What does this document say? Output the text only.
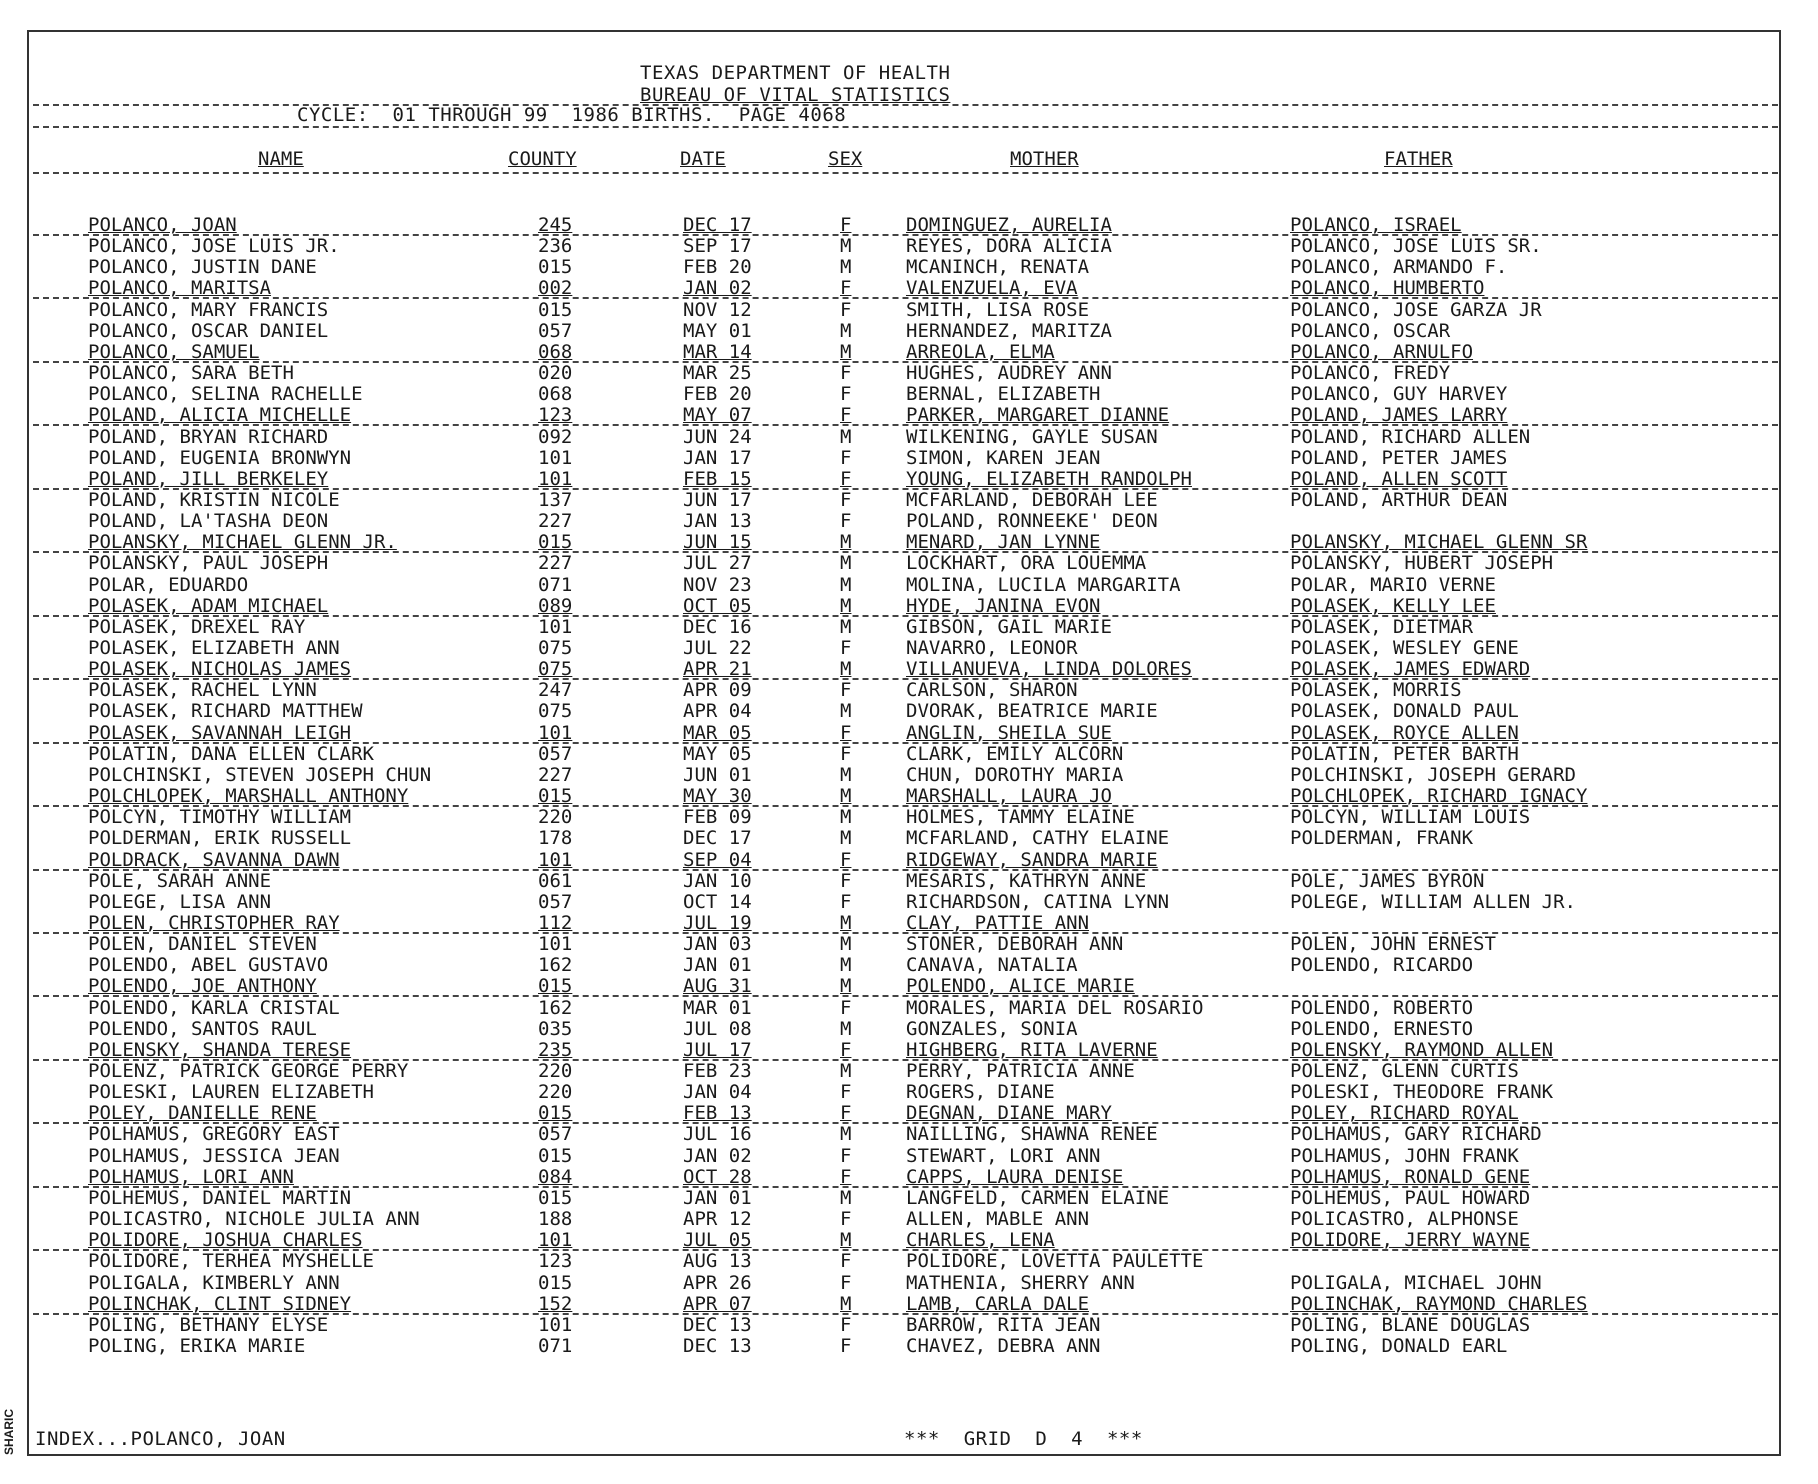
SHARIC
TEXAS DEPARTMENT OF HEALTH
BUREAU OF VITAL STATISTICS
CYCLE:  01 THROUGH 99  1986 BIRTHS.  PAGE 4068
NAME	COUNTY	DATE	SEX	MOTHER	FATHER
POLANCO, JOAN	245	DEC 17	F	DOMINGUEZ, AURELIA	POLANCO, ISRAEL
POLANCO, JOSE LUIS JR.	236	SEP 17	M	REYES, DORA ALICIA	POLANCO, JOSE LUIS SR.
POLANCO, JUSTIN DANE	015	FEB 20	M	MCANINCH, RENATA	POLANCO, ARMANDO F.
POLANCO, MARITSA	002	JAN 02	F	VALENZUELA, EVA	POLANCO, HUMBERTO
POLANCO, MARY FRANCIS	015	NOV 12	F	SMITH, LISA ROSE	POLANCO, JOSE GARZA JR
POLANCO, OSCAR DANIEL	057	MAY 01	M	HERNANDEZ, MARITZA	POLANCO, OSCAR
POLANCO, SAMUEL	068	MAR 14	M	ARREOLA, ELMA	POLANCO, ARNULFO
POLANCO, SARA BETH	020	MAR 25	F	HUGHES, AUDREY ANN	POLANCO, FREDY
POLANCO, SELINA RACHELLE	068	FEB 20	F	BERNAL, ELIZABETH	POLANCO, GUY HARVEY
POLAND, ALICIA MICHELLE	123	MAY 07	F	PARKER, MARGARET DIANNE	POLAND, JAMES LARRY
POLAND, BRYAN RICHARD	092	JUN 24	M	WILKENING, GAYLE SUSAN	POLAND, RICHARD ALLEN
POLAND, EUGENIA BRONWYN	101	JAN 17	F	SIMON, KAREN JEAN	POLAND, PETER JAMES
POLAND, JILL BERKELEY	101	FEB 15	F	YOUNG, ELIZABETH RANDOLPH	POLAND, ALLEN SCOTT
POLAND, KRISTIN NICOLE	137	JUN 17	F	MCFARLAND, DEBORAH LEE	POLAND, ARTHUR DEAN
POLAND, LA'TASHA DEON	227	JAN 13	F	POLAND, RONNEEKE' DEON
POLANSKY, MICHAEL GLENN JR.	015	JUN 15	M	MENARD, JAN LYNNE	POLANSKY, MICHAEL GLENN SR
POLANSKY, PAUL JOSEPH	227	JUL 27	M	LOCKHART, ORA LOUEMMA	POLANSKY, HUBERT JOSEPH
POLAR, EDUARDO	071	NOV 23	M	MOLINA, LUCILA MARGARITA	POLAR, MARIO VERNE
POLASEK, ADAM MICHAEL	089	OCT 05	M	HYDE, JANINA EVON	POLASEK, KELLY LEE
POLASEK, DREXEL RAY	101	DEC 16	M	GIBSON, GAIL MARIE	POLASEK, DIETMAR
POLASEK, ELIZABETH ANN	075	JUL 22	F	NAVARRO, LEONOR	POLASEK, WESLEY GENE
POLASEK, NICHOLAS JAMES	075	APR 21	M	VILLANUEVA, LINDA DOLORES	POLASEK, JAMES EDWARD
POLASEK, RACHEL LYNN	247	APR 09	F	CARLSON, SHARON	POLASEK, MORRIS
POLASEK, RICHARD MATTHEW	075	APR 04	M	DVORAK, BEATRICE MARIE	POLASEK, DONALD PAUL
POLASEK, SAVANNAH LEIGH	101	MAR 05	F	ANGLIN, SHEILA SUE	POLASEK, ROYCE ALLEN
POLATIN, DANA ELLEN CLARK	057	MAY 05	F	CLARK, EMILY ALCORN	POLATIN, PETER BARTH
POLCHINSKI, STEVEN JOSEPH CHUN	227	JUN 01	M	CHUN, DOROTHY MARIA	POLCHINSKI, JOSEPH GERARD
POLCHLOPEK, MARSHALL ANTHONY	015	MAY 30	M	MARSHALL, LAURA JO	POLCHLOPEK, RICHARD IGNACY
POLCYN, TIMOTHY WILLIAM	220	FEB 09	M	HOLMES, TAMMY ELAINE	POLCYN, WILLIAM LOUIS
POLDERMAN, ERIK RUSSELL	178	DEC 17	M	MCFARLAND, CATHY ELAINE	POLDERMAN, FRANK
POLDRACK, SAVANNA DAWN	101	SEP 04	F	RIDGEWAY, SANDRA MARIE
POLE, SARAH ANNE	061	JAN 10	F	MESARIS, KATHRYN ANNE	POLE, JAMES BYRON
POLEGE, LISA ANN	057	OCT 14	F	RICHARDSON, CATINA LYNN	POLEGE, WILLIAM ALLEN JR.
POLEN, CHRISTOPHER RAY	112	JUL 19	M	CLAY, PATTIE ANN
POLEN, DANIEL STEVEN	101	JAN 03	M	STONER, DEBORAH ANN	POLEN, JOHN ERNEST
POLENDO, ABEL GUSTAVO	162	JAN 01	M	CANAVA, NATALIA	POLENDO, RICARDO
POLENDO, JOE ANTHONY	015	AUG 31	M	POLENDO, ALICE MARIE
POLENDO, KARLA CRISTAL	162	MAR 01	F	MORALES, MARIA DEL ROSARIO	POLENDO, ROBERTO
POLENDO, SANTOS RAUL	035	JUL 08	M	GONZALES, SONIA	POLENDO, ERNESTO
POLENSKY, SHANDA TERESE	235	JUL 17	F	HIGHBERG, RITA LAVERNE	POLENSKY, RAYMOND ALLEN
POLENZ, PATRICK GEORGE PERRY	220	FEB 23	M	PERRY, PATRICIA ANNE	POLENZ, GLENN CURTIS
POLESKI, LAUREN ELIZABETH	220	JAN 04	F	ROGERS, DIANE	POLESKI, THEODORE FRANK
POLEY, DANIELLE RENE	015	FEB 13	F	DEGNAN, DIANE MARY	POLEY, RICHARD ROYAL
POLHAMUS, GREGORY EAST	057	JUL 16	M	NAILLING, SHAWNA RENEE	POLHAMUS, GARY RICHARD
POLHAMUS, JESSICA JEAN	015	JAN 02	F	STEWART, LORI ANN	POLHAMUS, JOHN FRANK
POLHAMUS, LORI ANN	084	OCT 28	F	CAPPS, LAURA DENISE	POLHAMUS, RONALD GENE
POLHEMUS, DANIEL MARTIN	015	JAN 01	M	LANGFELD, CARMEN ELAINE	POLHEMUS, PAUL HOWARD
POLICASTRO, NICHOLE JULIA ANN	188	APR 12	F	ALLEN, MABLE ANN	POLICASTRO, ALPHONSE
POLIDORE, JOSHUA CHARLES	101	JUL 05	M	CHARLES, LENA	POLIDORE, JERRY WAYNE
POLIDORE, TERHEA MYSHELLE	123	AUG 13	F	POLIDORE, LOVETTA PAULETTE
POLIGALA, KIMBERLY ANN	015	APR 26	F	MATHENIA, SHERRY ANN	POLIGALA, MICHAEL JOHN
POLINCHAK, CLINT SIDNEY	152	APR 07	M	LAMB, CARLA DALE	POLINCHAK, RAYMOND CHARLES
POLING, BETHANY ELYSE	101	DEC 13	F	BARROW, RITA JEAN	POLING, BLANE DOUGLAS
POLING, ERIKA MARIE	071	DEC 13	F	CHAVEZ, DEBRA ANN	POLING, DONALD EARL
INDEX...POLANCO, JOAN	***  GRID  D  4  ***
